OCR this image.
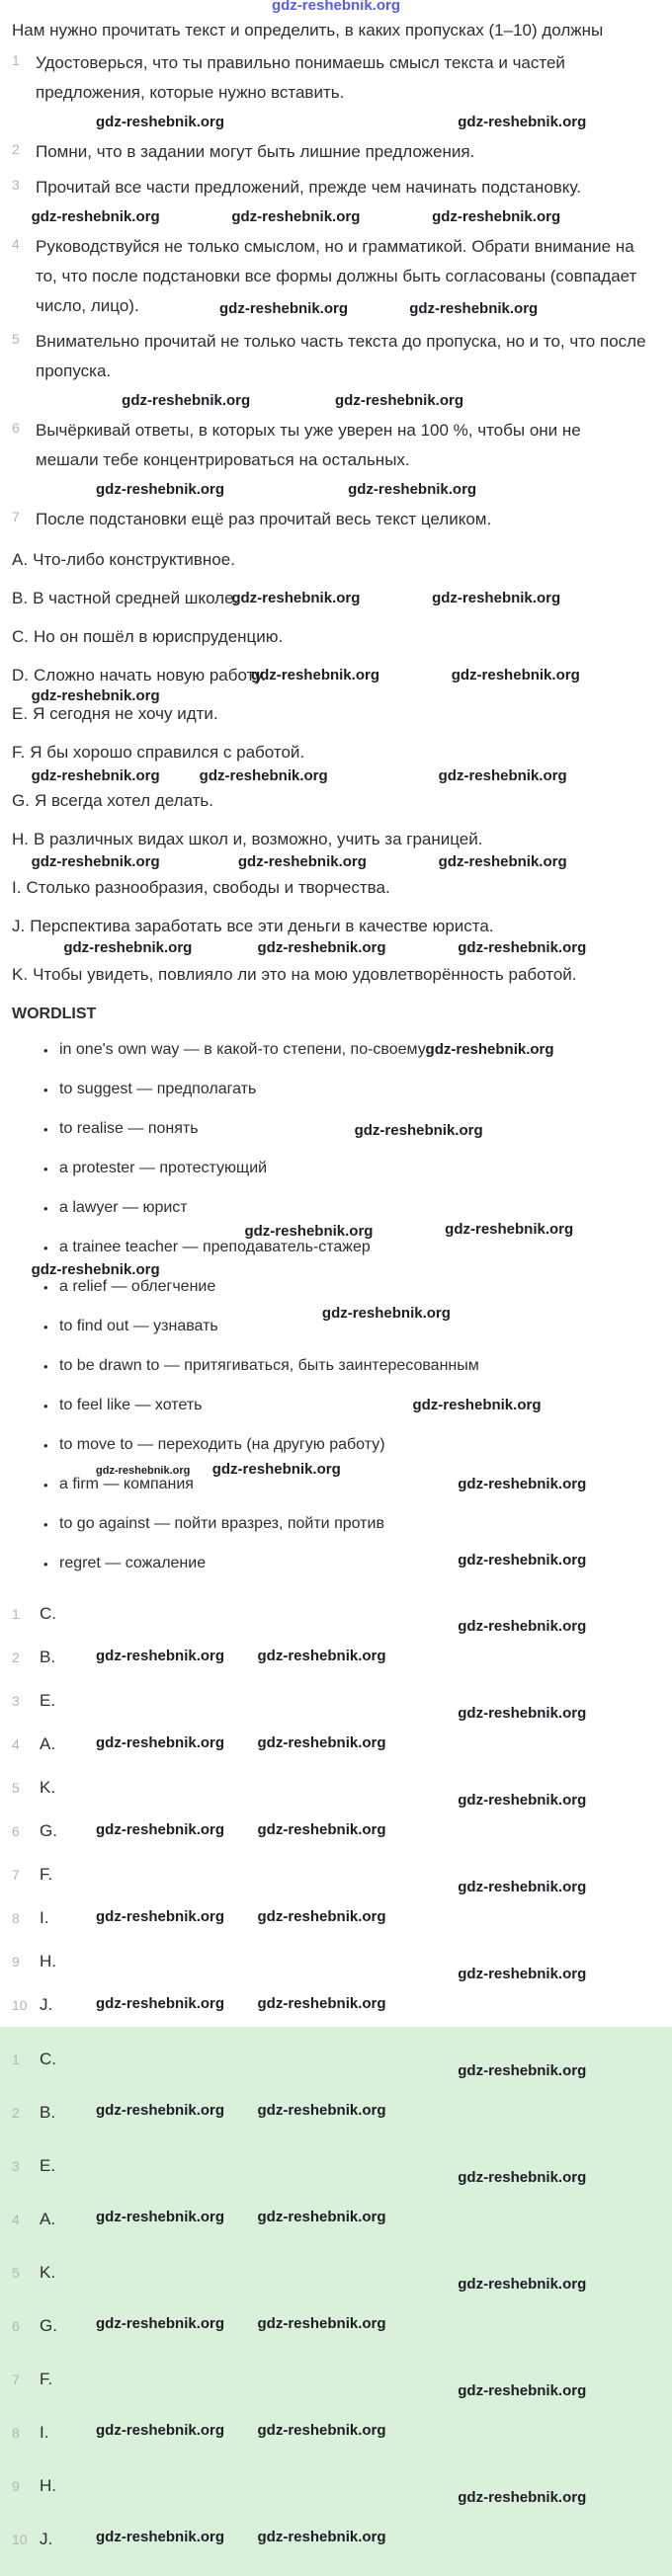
gdz-reshebnik.org
Нам нужно прочитать текст и определить, в каких пропусках (1–10) должны
1 Удостоверься, что ты правильно понимаешь смысл текста и частей предложения, которые нужно вставить.
gdz-reshebnik.org	gdz-reshebnik.org
2 Помни, что в задании могут быть лишние предложения.
3 Прочитай все части предложений, прежде чем начинать подстановку.
gdz-reshebnik.org	gdz-reshebnik.org	gdz-reshebnik.org
4 Руководствуйся не только смыслом, но и грамматикой. Обрати внимание на то, что после подстановки все формы должны быть согласованы (совпадает число, лицо).	gdz-reshebnik.org	gdz-reshebnik.org
5 Внимательно прочитай не только часть текста до пропуска, но и то, что после пропуска.
gdz-reshebnik.org	gdz-reshebnik.org
6 Вычёркивай ответы, в которых ты уже уверен на 100 %, чтобы они не мешали тебе концентрироваться на остальных.
gdz-reshebnik.org	gdz-reshebnik.org
7 После подстановки ещё раз прочитай весь текст целиком.
A. Что-либо конструктивное.
B. В частной средней школе.
gdz-reshebnik.org	gdz-reshebnik.org
C. Но он пошёл в юриспруденцию.
D. Сложно начать новую работу.
gdz-reshebnik.org	gdz-reshebnik.org
gdz-reshebnik.org
E. Я сегодня не хочу идти.
F. Я бы хорошо справился с работой.
gdz-reshebnik.org	gdz-reshebnik.org	gdz-reshebnik.org
G. Я всегда хотел делать.
H. В различных видах школ и, возможно, учить за границей.
gdz-reshebnik.org	gdz-reshebnik.org	gdz-reshebnik.org
I. Столько разнообразия, свободы и творчества.
J. Перспектива заработать все эти деньги в качестве юриста.
gdz-reshebnik.org	gdz-reshebnik.org	gdz-reshebnik.org
K. Чтобы увидеть, повлияло ли это на мою удовлетворённость работой.
WORDLIST
• in one's own way — в какой-то степени, по-своему gdz-reshebnik.org
• to suggest — предполагать
• to realise — понять	gdz-reshebnik.org
• a protester — протестующий
• a lawyer — юрист
gdz-reshebnik.org	gdz-reshebnik.org
• a trainee teacher — преподаватель-стажер
gdz-reshebnik.org
• a relief — облегчение
gdz-reshebnik.org
• to find out — узнавать
• to be drawn to — притягиваться, быть заинтересованным
• to feel like — хотеть	gdz-reshebnik.org
• to move to — переходить (на другую работу)
gdz-reshebnik.org gdz-reshebnik.org
• a firm — компания	gdz-reshebnik.org
• to go against — пойти вразрез, пойти против
• regret — сожаление	gdz-reshebnik.org
1	C.
gdz-reshebnik.org
2	B.	gdz-reshebnik.org gdz-reshebnik.org
3	E.
gdz-reshebnik.org
4	A.	gdz-reshebnik.org gdz-reshebnik.org
5	K.
gdz-reshebnik.org
6	G.	gdz-reshebnik.org gdz-reshebnik.org
7	F.
gdz-reshebnik.org
8	I.	gdz-reshebnik.org gdz-reshebnik.org
9	H.
gdz-reshebnik.org
10 J.	gdz-reshebnik.org gdz-reshebnik.org
1	C.
gdz-reshebnik.org
2	B.	gdz-reshebnik.org gdz-reshebnik.org
3	E.
gdz-reshebnik.org
4	A.	gdz-reshebnik.org gdz-reshebnik.org
5	K.
gdz-reshebnik.org
6	G.	gdz-reshebnik.org gdz-reshebnik.org
7	F.
gdz-reshebnik.org
8	I.	gdz-reshebnik.org gdz-reshebnik.org
9	H.
gdz-reshebnik.org
10 J.	gdz-reshebnik.org gdz-reshebnik.org
